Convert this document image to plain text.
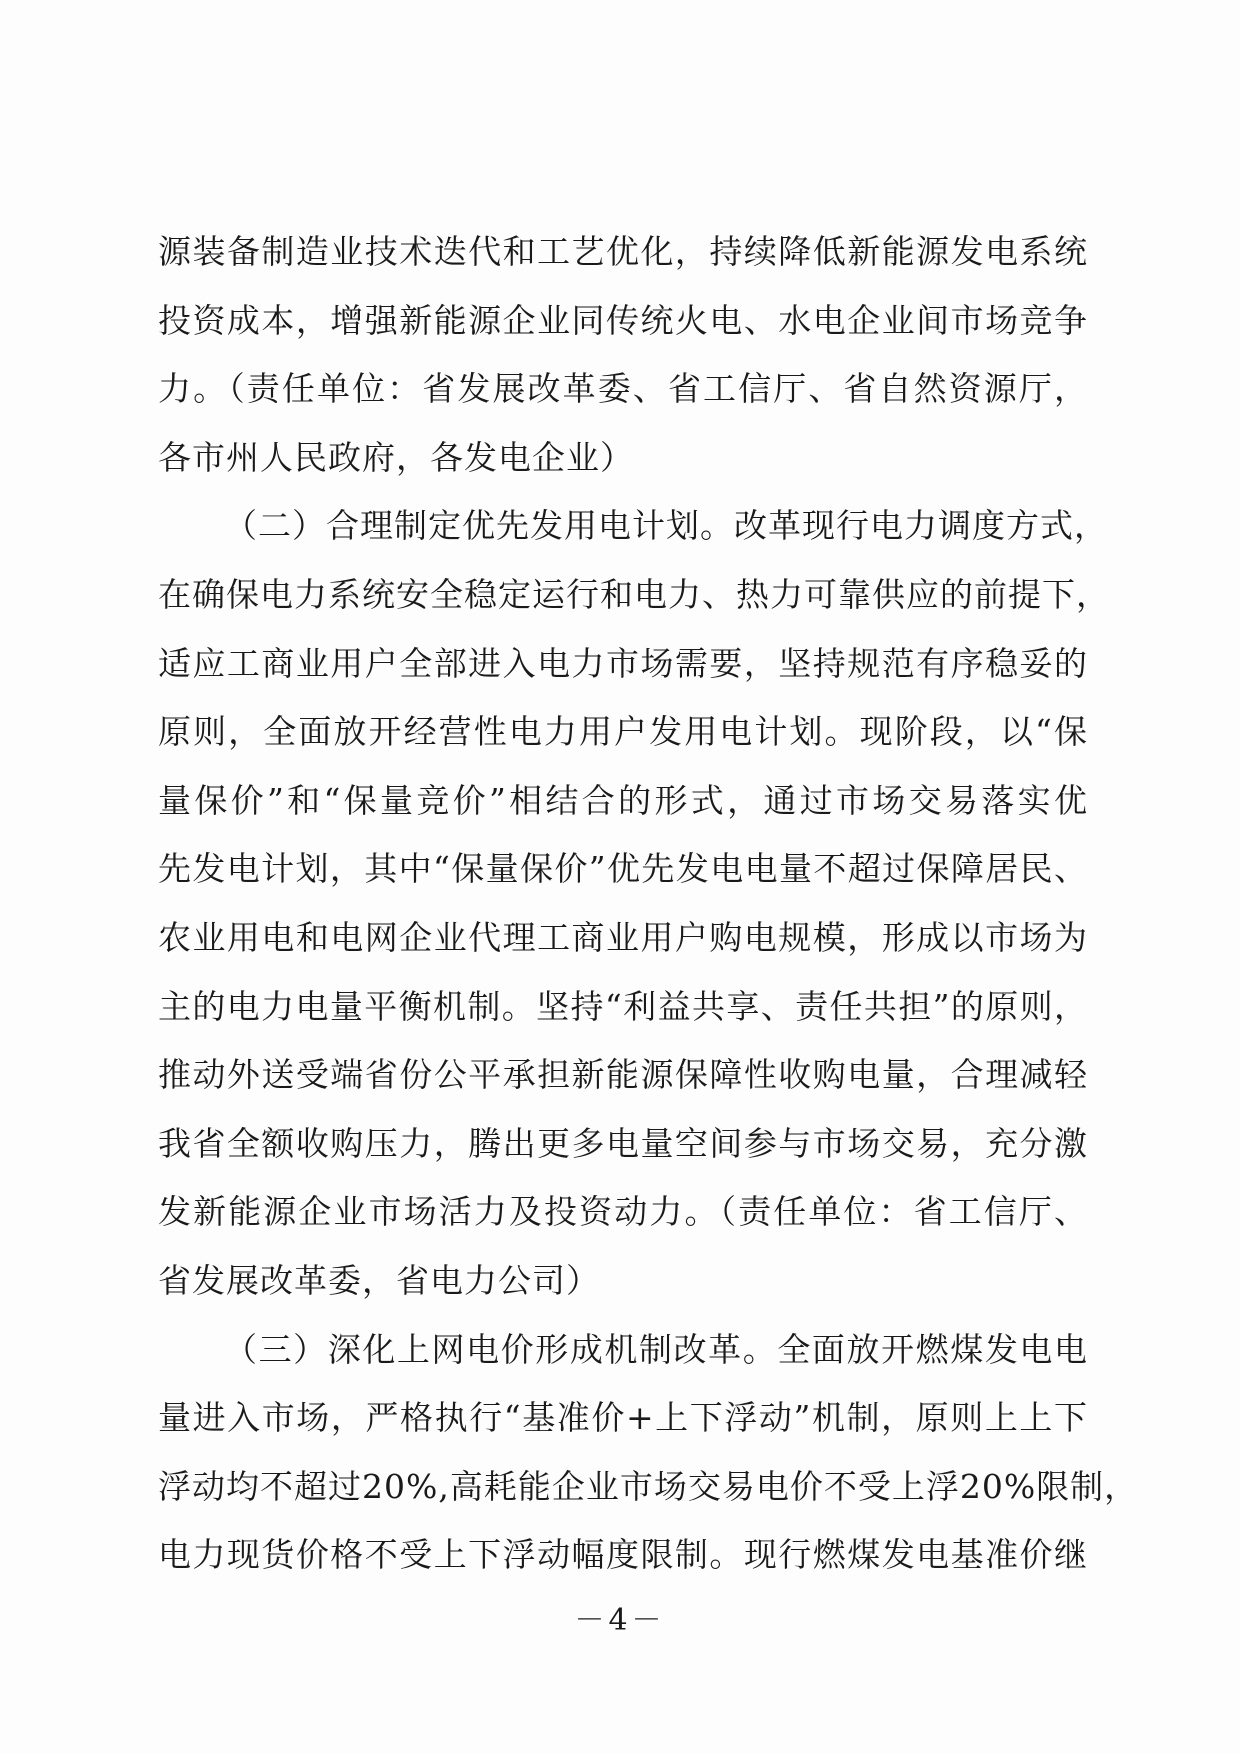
源装备制造业技术迭代和工艺优化，持续降低新能源发电系统
投资成本，增强新能源企业同传统火电、水电企业间市场竞争
力。（责任单位：省发展改革委、省工信厅、省自然资源厅，
各市州人民政府，各发电企业）
（二）合理制定优先发用电计划。改革现行电力调度方式，
在确保电力系统安全稳定运行和电力、热力可靠供应的前提下，
适应工商业用户全部进入电力市场需要，坚持规范有序稳妥的
原则，全面放开经营性电力用户发用电计划。现阶段，以“保
量保价”和“保量竞价”相结合的形式，通过市场交易落实优
先发电计划，其中“保量保价”优先发电电量不超过保障居民、
农业用电和电网企业代理工商业用户购电规模，形成以市场为
主的电力电量平衡机制。坚持“利益共享、责任共担”的原则，
推动外送受端省份公平承担新能源保障性收购电量，合理减轻
我省全额收购压力，腾出更多电量空间参与市场交易，充分激
发新能源企业市场活力及投资动力。（责任单位：省工信厅、
省发展改革委，省电力公司）
（三）深化上网电价形成机制改革。全面放开燃煤发电电
量进入市场，严格执行“基准价+上下浮动”机制，原则上上下
浮动均不超过20%,高耗能企业市场交易电价不受上浮20%限制，
电力现货价格不受上下浮动幅度限制。现行燃煤发电基准价继
－4－
